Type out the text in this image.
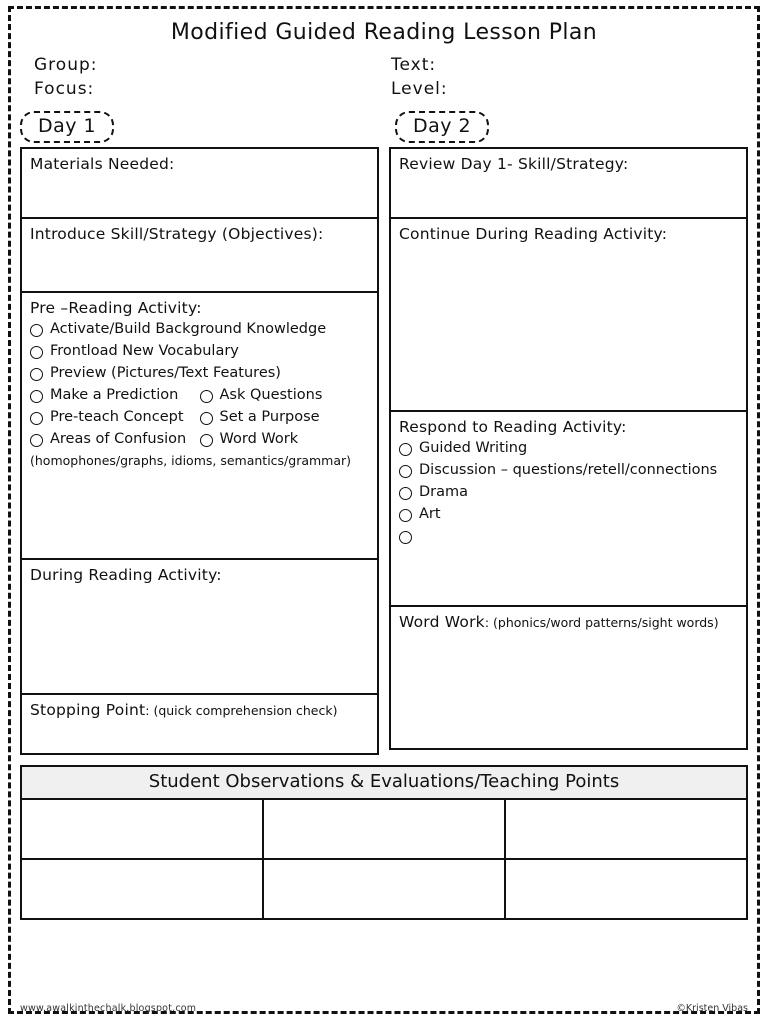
Modified Guided Reading Lesson Plan
Group:
Focus:
Text:
Level:
Day 1	Day 2
Materials Needed:
Introduce Skill/Strategy (Objectives):
Pre –Reading Activity:
Activate/Build Background Knowledge
Frontload New Vocabulary
Preview (Pictures/Text Features)
Make a Prediction
Pre-teach Concept
Areas of Confusion
Ask Questions
Set a Purpose
Word Work
(homophones/graphs, idioms, semantics/grammar)
During Reading Activity:
Stopping Point: (quick comprehension check)
Review Day 1- Skill/Strategy:
Continue During Reading Activity:
Respond to Reading Activity:
Guided Writing
Discussion – questions/retell/connections
Drama
Art
Word Work: (phonics/word patterns/sight words)
Student Observations & Evaluations/Teaching Points
www.awalkinthechalk.blogspot.com	©Kristen Vibas
